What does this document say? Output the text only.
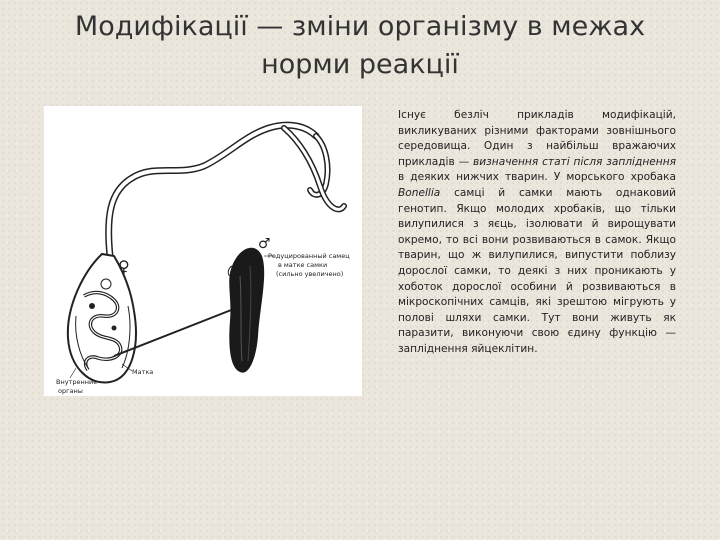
Модифікації — зміни організму в межах
норми реакції
♀
♂
Редуцированный самец
в матке самки
(сильно увеличено)
Внутренние
органы
Матка

Існує безліч прикладів модифікацій, викликуваних різними факторами зовнішнього середовища. Один з найбільш вражаючих прикладів — визначення статі після запліднення в деяких нижчих тварин. У морського хробака Bonellia самці й самки мають однаковий генотип. Якщо молодих хробаків, що тільки вилупилися з яєць, ізолювати й вирощувати окремо, то всі вони розвиваються в самок. Якщо тварин, що ж вилупилися, випустити поблизу дорослої самки, то деякі з них проникають у хоботок дорослої особини й розвиваються в мікроскопічних самців, які зрештою мігрують у полові шляхи самки. Тут вони живуть як паразити, виконуючи свою єдину функцію — запліднення яйцеклітин.
